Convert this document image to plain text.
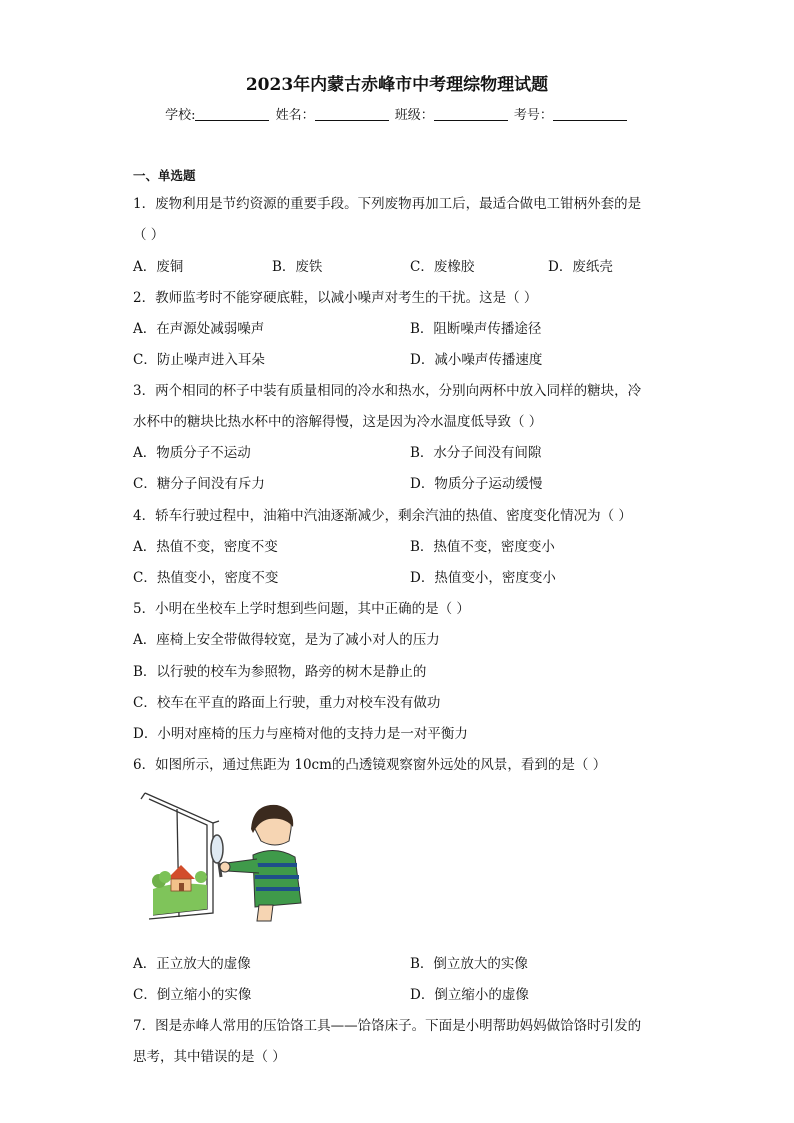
2023年内蒙古赤峰市中考理综物理试题
学校:	姓名：	班级：	考号：
一、单选题
1．废物利用是节约资源的重要手段。下列废物再加工后，最适合做电工钳柄外套的是
（ ）
A．废铜	B．废铁	C．废橡胶	D．废纸壳
2．教师监考时不能穿硬底鞋，以减小噪声对考生的干扰。这是（ ）
A．在声源处减弱噪声	B．阻断噪声传播途径
C．防止噪声进入耳朵	D．减小噪声传播速度
3．两个相同的杯子中装有质量相同的冷水和热水，分别向两杯中放入同样的糖块，冷
水杯中的糖块比热水杯中的溶解得慢，这是因为冷水温度低导致（ ）
A．物质分子不运动	B．水分子间没有间隙
C．糖分子间没有斥力	D．物质分子运动缓慢
4．轿车行驶过程中，油箱中汽油逐渐减少，剩余汽油的热值、密度变化情况为（ ）
A．热值不变，密度不变	B．热值不变，密度变小
C．热值变小，密度不变	D．热值变小，密度变小
5．小明在坐校车上学时想到些问题，其中正确的是（ ）
A．座椅上安全带做得较宽，是为了减小对人的压力
B．以行驶的校车为参照物，路旁的树木是静止的
C．校车在平直的路面上行驶，重力对校车没有做功
D．小明对座椅的压力与座椅对他的支持力是一对平衡力
6．如图所示，通过焦距为 10cm的凸透镜观察窗外远处的风景，看到的是（ ）
A．正立放大的虚像	B．倒立放大的实像
C．倒立缩小的实像	D．倒立缩小的虚像
7．图是赤峰人常用的压饸饹工具——饸饹床子。下面是小明帮助妈妈做饸饹时引发的
思考，其中错误的是（ ）
